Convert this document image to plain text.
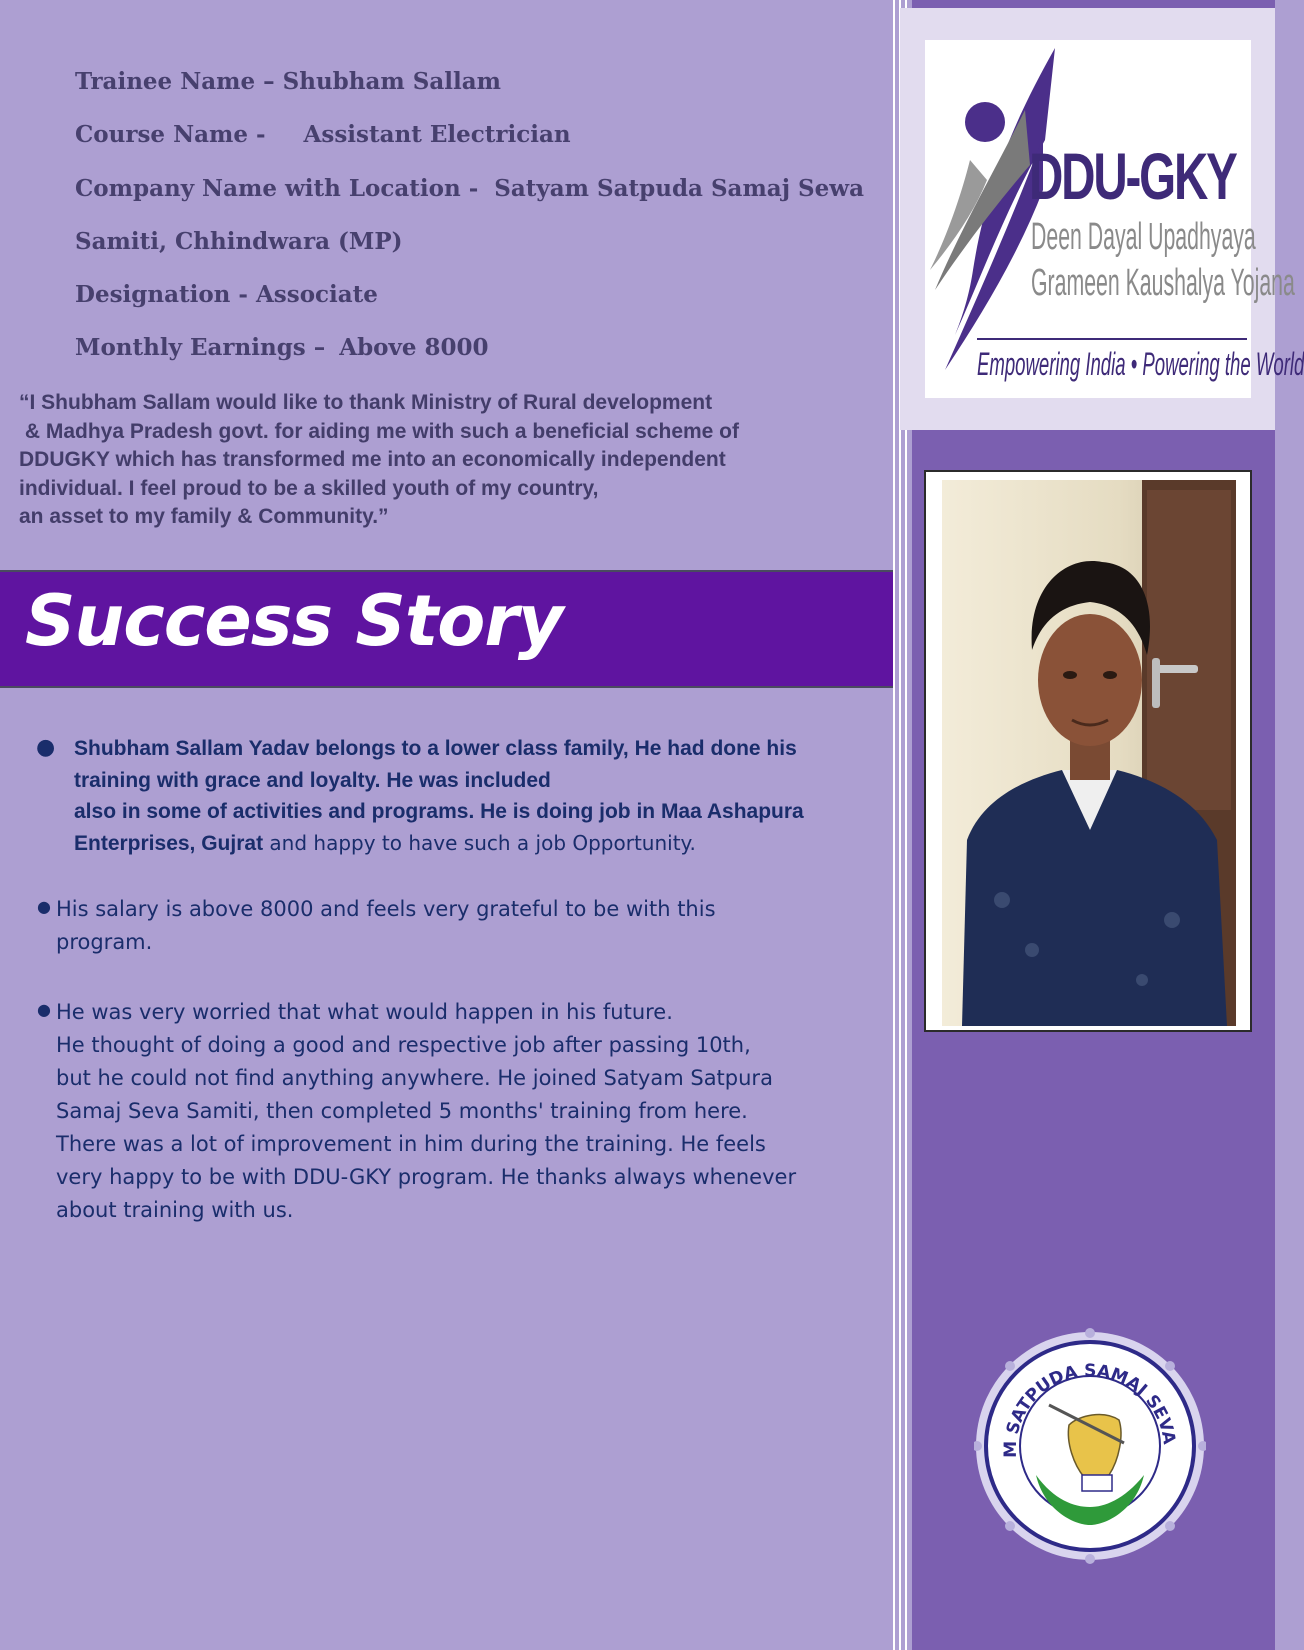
Trainee Name – Shubham Sallam
Course Name - Assistant Electrician
Company Name with Location - Satyam Satpuda Samaj Sewa
Samiti, Chhindwara (MP)
Designation - Associate
Monthly Earnings – Above 8000
“I Shubham Sallam would like to thank Ministry of Rural development
& Madhya Pradesh govt. for aiding me with such a beneficial scheme of
DDUGKY which has transformed me into an economically independent
individual. I feel proud to be a skilled youth of my country,
an asset to my family & Community.”
Success Story
● Shubham Sallam Yadav belongs to a lower class family, He had done his
training with grace and loyalty. He was included
also in some of activities and programs. He is doing job in Maa Ashapura
Enterprises, Gujrat and happy to have such a job Opportunity.
● His salary is above 8000 and feels very grateful to be with this
program.
● He was very worried that what would happen in his future.
He thought of doing a good and respective job after passing 10th,
but he could not find anything anywhere. He joined Satyam Satpura
Samaj Seva Samiti, then completed 5 months' training from here.
There was a lot of improvement in him during the training. He feels
very happy to be with DDU-GKY program. He thanks always whenever
about training with us.
DDU-GKY
Deen Dayal Upadhyaya
Grameen Kaushalya Yojana
Empowering India • Powering the World
M SATPUDA SAMAJ SEVA
